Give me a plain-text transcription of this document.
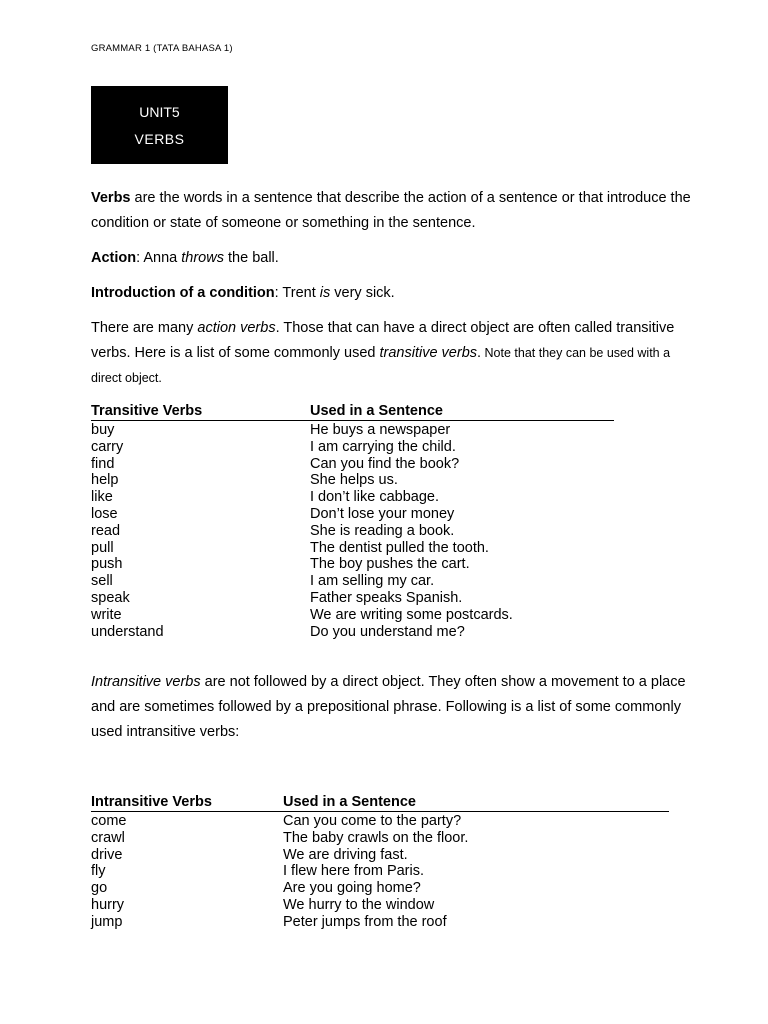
GRAMMAR 1 (TATA BAHASA 1)
UNIT5
VERBS
Verbs are the words in a sentence that describe the action of a sentence or that introduce the condition or state of someone or something in the sentence.
Action: Anna throws the ball.
Introduction of a condition: Trent is very sick.
There are many action verbs. Those that can have a direct object are often called transitive verbs. Here is a list of some commonly used transitive verbs. Note that they can be used with a direct object.
Transitive Verbs	Used in a Sentence
buy	He buys a newspaper
carry	I am carrying the child.
find	Can you find the book?
help	She helps us.
like	I don’t like cabbage.
lose	Don’t lose your money
read	She is reading a book.
pull	The dentist pulled the tooth.
push	The boy pushes the cart.
sell	I am selling my car.
speak	Father speaks Spanish.
write	We are writing some postcards.
understand	Do you understand me?
Intransitive verbs are not followed by a direct object. They often show a movement to a place and are sometimes followed by a prepositional phrase. Following is a list of some commonly used intransitive verbs:
Intransitive Verbs	Used in a Sentence
come	Can you come to the party?
crawl	The baby crawls on the floor.
drive	We are driving fast.
fly	I flew here from Paris.
go	Are you going home?
hurry	We hurry to the window
jump	Peter jumps from the roof
